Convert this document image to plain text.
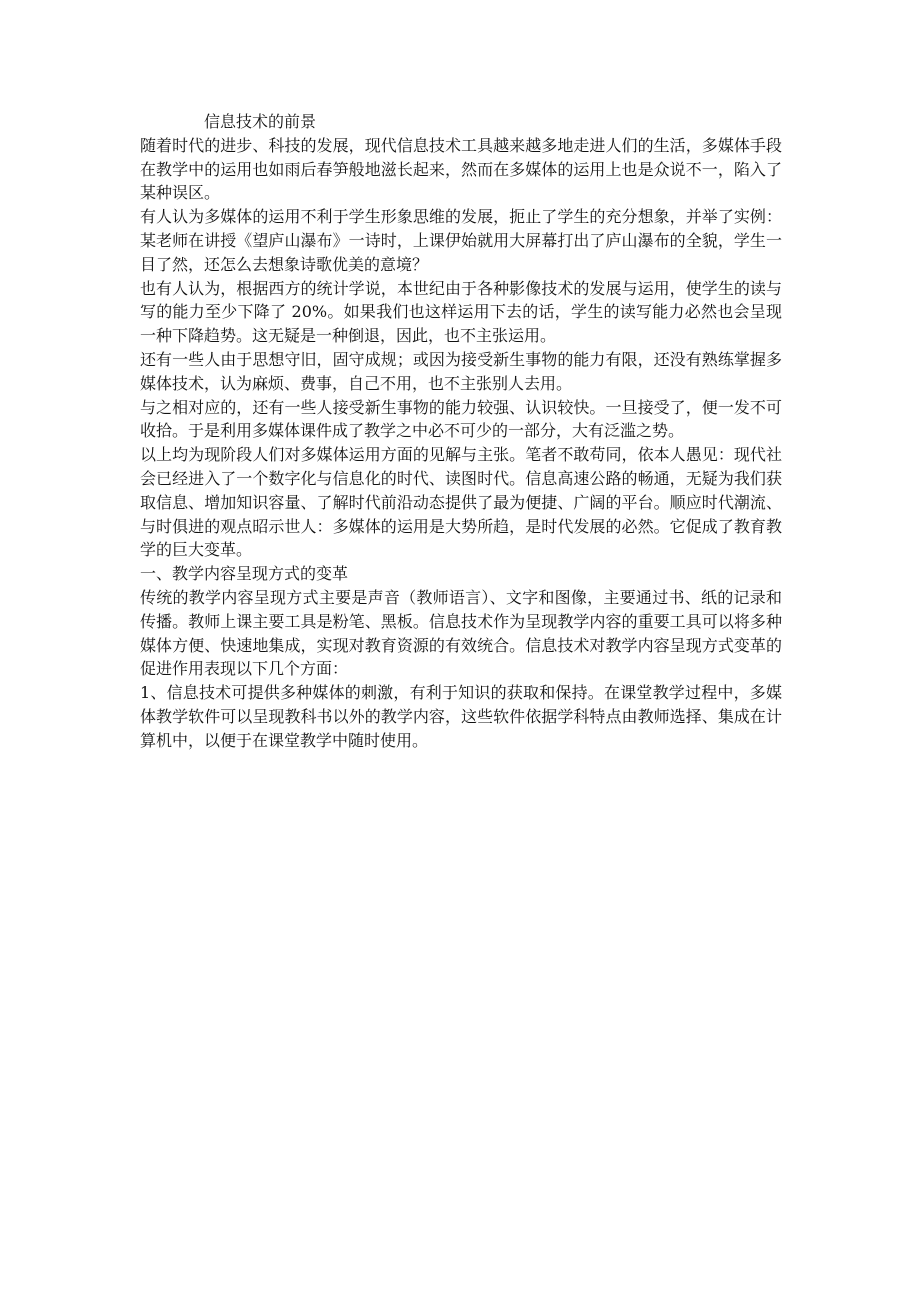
信息技术的前景

随着时代的进步、科技的发展，现代信息技术工具越来越多地走进人们的生活，多媒体手段在教学中的运用也如雨后春笋般地滋长起来，然而在多媒体的运用上也是众说不一，陷入了某种误区。

有人认为多媒体的运用不利于学生形象思维的发展，扼止了学生的充分想象，并举了实例：某老师在讲授《望庐山瀑布》一诗时，上课伊始就用大屏幕打出了庐山瀑布的全貌，学生一目了然，还怎么去想象诗歌优美的意境？

也有人认为，根据西方的统计学说，本世纪由于各种影像技术的发展与运用，使学生的读与写的能力至少下降了 20%。如果我们也这样运用下去的话，学生的读写能力必然也会呈现一种下降趋势。这无疑是一种倒退，因此，也不主张运用。

还有一些人由于思想守旧，固守成规；或因为接受新生事物的能力有限，还没有熟练掌握多媒体技术，认为麻烦、费事，自己不用，也不主张别人去用。

与之相对应的，还有一些人接受新生事物的能力较强、认识较快。一旦接受了，便一发不可收拾。于是利用多媒体课件成了教学之中必不可少的一部分，大有泛滥之势。

以上均为现阶段人们对多媒体运用方面的见解与主张。笔者不敢苟同，依本人愚见：现代社会已经进入了一个数字化与信息化的时代、读图时代。信息高速公路的畅通，无疑为我们获取信息、增加知识容量、了解时代前沿动态提供了最为便捷、广阔的平台。顺应时代潮流、与时俱进的观点昭示世人：多媒体的运用是大势所趋，是时代发展的必然。它促成了教育教学的巨大变革。

一、教学内容呈现方式的变革

传统的教学内容呈现方式主要是声音（教师语言）、文字和图像，主要通过书、纸的记录和传播。教师上课主要工具是粉笔、黑板。信息技术作为呈现教学内容的重要工具可以将多种媒体方便、快速地集成，实现对教育资源的有效统合。信息技术对教学内容呈现方式变革的促进作用表现以下几个方面：

1、信息技术可提供多种媒体的刺激，有利于知识的获取和保持。在课堂教学过程中，多媒体教学软件可以呈现教科书以外的教学内容，这些软件依据学科特点由教师选择、集成在计算机中，以便于在课堂教学中随时使用。
